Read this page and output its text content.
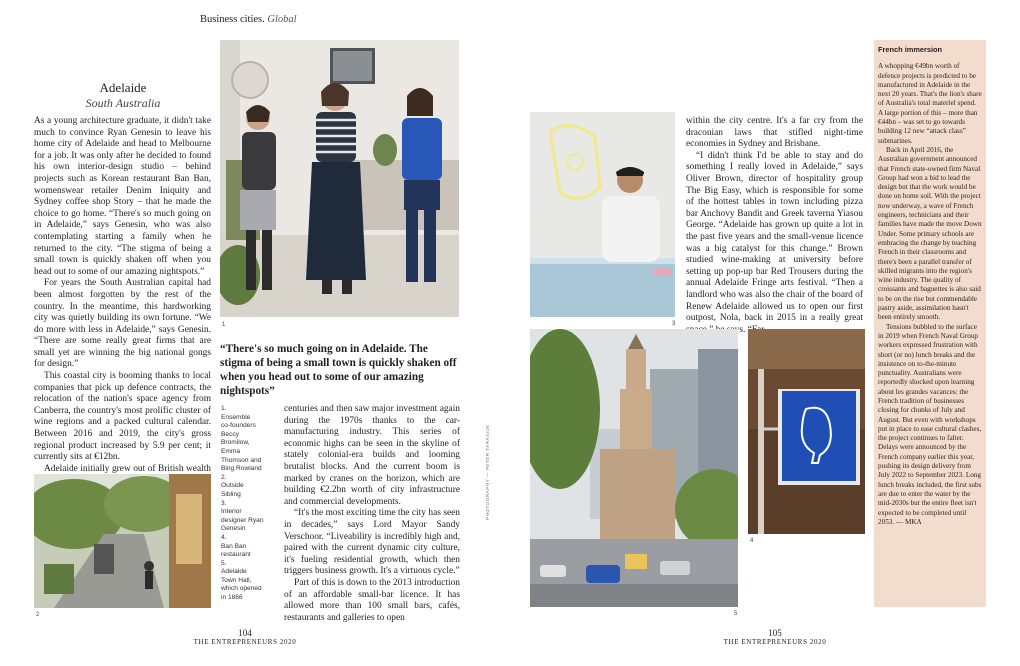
Business cities. Global
Adelaide
South Australia

As a young architecture graduate, it didn't take much to convince Ryan Genesin to leave his home city of Adelaide and head to Melbourne for a job. It was only after he decided to found his own interior-design studio – behind projects such as Korean restaurant Ban Ban, womenswear retailer Denim Iniquity and Sydney coffee shop Story – that he made the choice to go home. “There's so much going on in Adelaide,” says Genesin, who was also contemplating starting a family when he returned to the city. “The stigma of being a small town is quickly shaken off when you head out to some of our amazing nightspots.”

For years the South Australian capital had been almost forgotten by the rest of the country. In the meantime, this hardworking city was quietly building its own fortune. “We do more with less in Adelaide,” says Genesin. “There are some really great firms that are small yet are winning the big national gongs for design.”

This coastal city is booming thanks to local companies that pick up defence contracts, the relocation of the nation's space agency from Canberra, the country's most prolific cluster of wine regions and a packed cultural calendar. Between 2016 and 2019, the city's gross regional product increased by 5.9 per cent; it currently sits at €12bn.

Adelaide initially grew out of British wealth

1
“There's so much going on in Adelaide. The stigma of being a small town is quickly shaken off when you head out to some of our amazing nightspots”
1.
Ensemble
co-founders
Beccy
Bromilow,
Emma
Thomson and
Bing Rowland
2.
Outside
Sibling
3.
Interior
designer Ryan
Genesin
4.
Ban Ban
restaurant
5.
Adelaide
Town Hall,
which opened
in 1866

centuries and then saw major investment again during the 1970s thanks to the car-manufacturing industry. This series of economic highs can be seen in the skyline of stately colonial-era builds and looming brutalist blocks. And the current boom is marked by cranes on the horizon, which are building €2.2bn worth of city infrastructure and commercial developments.

“It's the most exciting time the city has seen in decades,” says Lord Mayor Sandy Verschoor. “Liveability is incredibly high and, paired with the current dynamic city culture, it's fueling residential growth, which then triggers business growth. It's a virtuous cycle.”

Part of this is down to the 2013 introduction of an affordable small-bar licence. It has allowed more than 100 small bars, cafés, restaurants and galleries to open

PHOTOGRAPHY — PETER TARASIUK
2
104
THE ENTREPRENEURS 2020
3

within the city centre. It's a far cry from the draconian laws that stifled night-time economies in Sydney and Brisbane.

“I didn't think I'd be able to stay and do something I really loved in Adelaide,” says Oliver Brown, director of hospitality group The Big Easy, which is responsible for some of the hottest tables in town including pizza bar Anchovy Bandit and Greek taverna Yiasou George. “Adelaide has grown up quite a lot in the past five years and the small-venue licence was a big catalyst for this change.” Brown studied wine-making at university before setting up pop-up bar Red Trousers during the annual Adelaide Fringe arts festival. “Then a landlord who was also the chair of the board of Renew Adelaide allowed us to open our first outpost, Nola, back in 2015 in a really great

5
4
French immersion

A whopping €49bn worth of defence projects is predicted to be manufactured in Adelaide in the next 20 years. That's the lion's share of Australia's total materiel spend. A large portion of this – more than €44bn – was set to go towards building 12 new “attack class” submarines.

Back in April 2016, the Australian government announced that French state-owned firm Naval Group had won a bid to lead the design but that the work would be done on home soil. With the project now underway, a wave of French engineers, technicians and their families have made the move Down Under. Some primary schools are embracing the change by teaching French in their classrooms and there's been a parallel transfer of skilled migrants into the region's wine industry. The quality of croissants and baguettes is also said to be on the rise but commendable pastry aside, assimilation hasn't been entirely smooth.

Tensions bubbled to the surface in 2019 when French Naval Group workers expressed frustration with short (or no) lunch breaks and the insistence on to-the-minute punctuality. Australians were reportedly shocked upon learning about les grandes vacances: the French tradition of businesses closing for chunks of July and August. But even with workshops put in place to ease cultural clashes, the project continues to falter. Delays were announced by the French company earlier this year, pushing its design delivery from July 2022 to September 2023. Long lunch breaks included, the first subs are due to enter the water by the mid-2030s but the entire fleet isn't expected to be completed until 2053. — MKA

105
THE ENTREPRENEURS 2020
